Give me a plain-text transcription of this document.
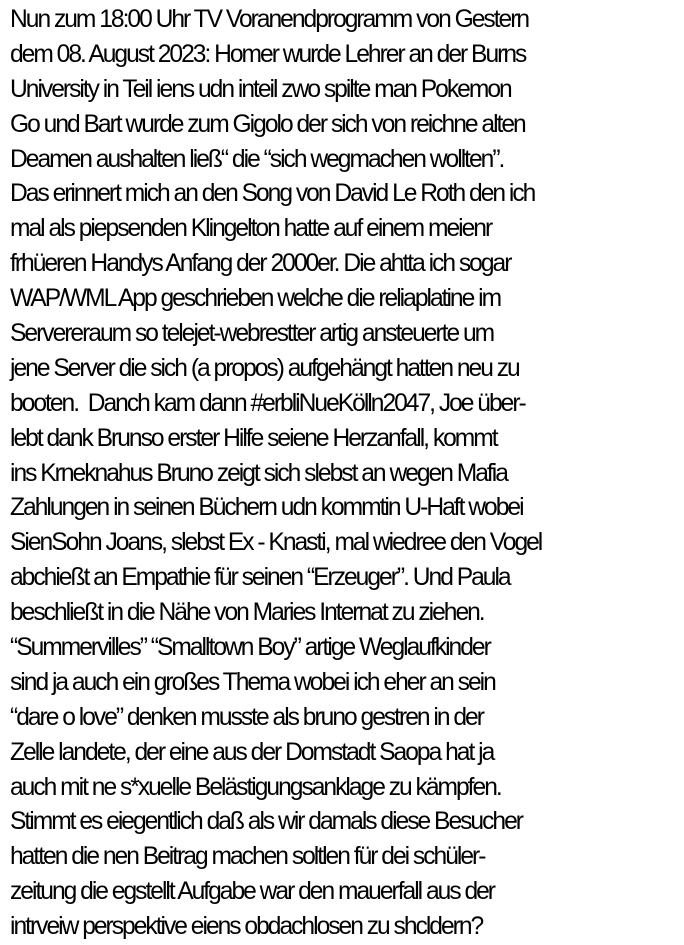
Nun zum 18:00 Uhr TV Voranendprogramm von Gestern
dem 08. August 2023: Homer wurde Lehrer an der Burns
University in Teil iens udn inteil zwo spilte man Pokemon
Go und Bart wurde zum Gigolo der sich von reichne alten
Deamen aushalten ließ“ die “sich wegmachen wollten”.
Das erinnert mich an den Song von David Le Roth den ich
mal als piepsenden Klingelton hatte auf einem meienr
frhüeren Handys Anfang der 2000er. Die ahtta ich sogar
WAP/WML App geschrieben welche die reliaplatine im
Servereraum so telejet-webrestter artig ansteuerte um
jene Server die sich (a propos) aufgehängt hatten neu zu
booten.  Danch kam dann #erbliNueKölln2047, Joe über-
lebt dank Brunso erster Hilfe seiene Herzanfall, kommt
ins Krneknahus Bruno zeigt sich slebst an wegen Mafia
Zahlungen in seinen Büchern udn kommtin U-Haft wobei
SienSohn Joans, slebst Ex - Knasti, mal wiedree den Vogel
abchießt an Empathie für seinen “Erzeuger”. Und Paula
beschließt in die Nähe von Maries Internat zu ziehen.
“Summervilles” “Smalltown Boy” artige Weglaufkinder
sind ja auch ein großes Thema wobei ich eher an sein
“dare o love” denken musste als bruno gestren in der
Zelle landete, der eine aus der Domstadt Saopa hat ja
auch mit ne s*xuelle Belästigungsanklage zu kämpfen.
Stimmt es eiegentlich daß als wir damals diese Besucher
hatten die nen Beitrag machen soltlen für dei schüler-
zeitung die egstellt Aufgabe war den mauerfall aus der
intrveiw perspektive eiens obdachlosen zu shcldern?
